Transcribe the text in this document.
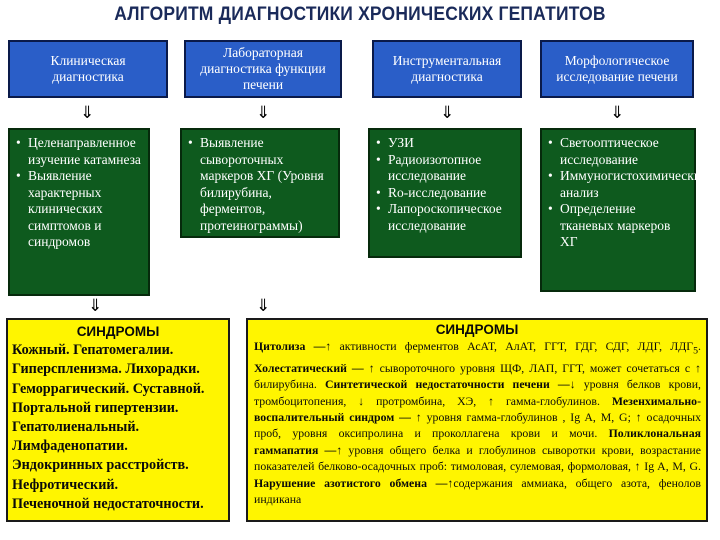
АЛГОРИТМ ДИАГНОСТИКИ ХРОНИЧЕСКИХ ГЕПАТИТОВ
Клиническая диагностика
Лабораторная диагностика функции печени
Инструментальная диагностика
Морфологическое исследование печени
⇓	⇓	⇓	⇓
• Целенаправленное изучение катамнеза
• Выявление характерных клинических симптомов и синдромов
• Выявление сывороточных маркеров ХГ (Уровня билирубина, ферментов, протеинограммы)
• УЗИ
• Радиоизотопное исследование
• Ro-исследование
• Лапороскопическое исследование
• Светооптическое исследование
• Иммуногистохимический анализ
• Определение тканевых маркеров ХГ
⇓	⇓
СИНДРОМЫ
Кожный. Гепатомегалии.
Гиперспленизма. Лихорадки.
Геморрагический. Суставной.
Портальной гипертензии.
Гепатолиенальный.
Лимфаденопатии.
Эндокринных расстройств.
Нефротический.
Печеночной недостаточности.
СИНДРОМЫ
Цитолиза —↑ активности ферментов АсАТ, АлАТ, ГГТ, ГДГ, СДГ, ЛДГ, $ЛДГ_5$. Холестатический — ↑ сывороточного уровня ЩФ, ЛАП, ГГТ, может сочетаться с ↑ билирубина. Синтетической недостаточности печени —↓ уровня белков крови, тромбоцитопения, ↓ протромбина, ХЭ, ↑ гамма-глобулинов. Мезенхимально-воспалительный синдром — ↑ уровня гамма-глобулинов , Ig A, M, G; ↑ осадочных проб, уровня оксипролина и проколлагена крови и мочи. Поликлональная гаммапатия —↑ уровня общего белка и глобулинов сыворотки крови, возрастание показателей белково-осадочных проб: тимоловая, сулемовая, формоловая, ↑ Ig A, M, G. Нарушение азотистого обмена —↑содержания аммиака, общего азота, фенолов индикана
